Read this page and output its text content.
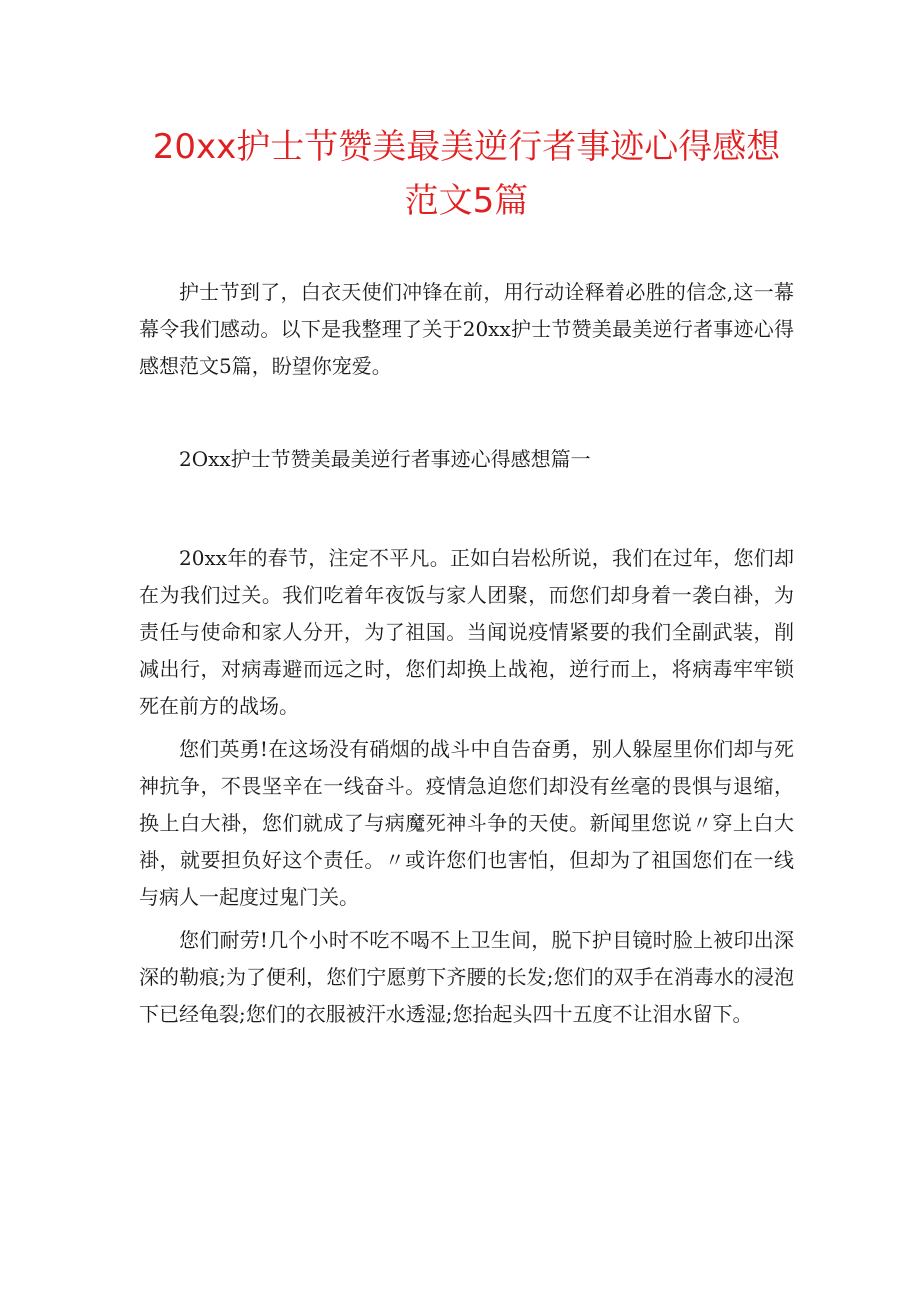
20xx护士节赞美最美逆行者事迹心得感想
范文5篇

护士节到了，白衣天使们冲锋在前，用行动诠释着必胜的信念,这一幕幕令我们感动。以下是我整理了关于20xx护士节赞美最美逆行者事迹心得感想范文5篇，盼望你宠爱。

2Oxx护士节赞美最美逆行者事迹心得感想篇一

20xx年的春节，注定不平凡。正如白岩松所说，我们在过年，您们却在为我们过关。我们吃着年夜饭与家人团聚，而您们却身着一袭白褂，为责任与使命和家人分开，为了祖国。当闻说疫情紧要的我们全副武装，削减出行，对病毒避而远之时，您们却换上战袍，逆行而上，将病毒牢牢锁死在前方的战场。

您们英勇!在这场没有硝烟的战斗中自告奋勇，别人躲屋里你们却与死神抗争，不畏坚辛在一线奋斗。疫情急迫您们却没有丝毫的畏惧与退缩，换上白大褂，您们就成了与病魔死神斗争的天使。新闻里您说〃穿上白大褂，就要担负好这个责任。〃或许您们也害怕，但却为了祖国您们在一线与病人一起度过鬼门关。

您们耐劳!几个小时不吃不喝不上卫生间，脱下护目镜时脸上被印出深深的勒痕;为了便利，您们宁愿剪下齐腰的长发;您们的双手在消毒水的浸泡下已经龟裂;您们的衣服被汗水透湿;您抬起头四十五度不让泪水留下。
